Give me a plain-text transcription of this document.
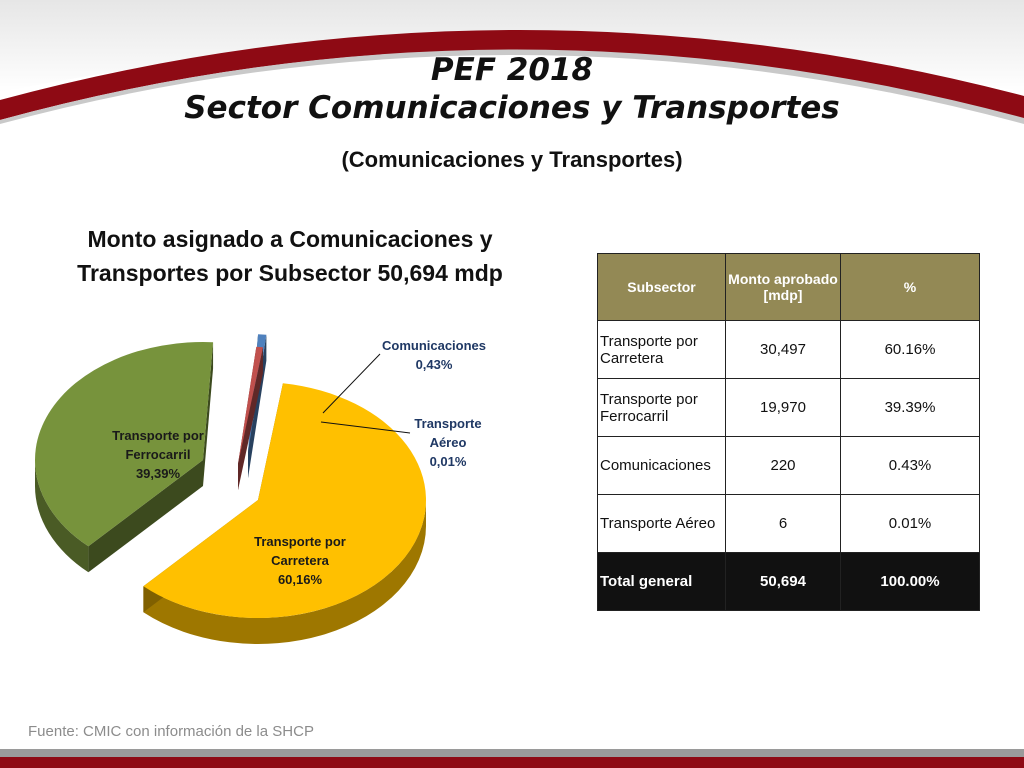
PEF 2018
Sector Comunicaciones y Transportes
(Comunicaciones y Transportes)
Monto asignado a Comunicaciones y Transportes por Subsector 50,694 mdp
Transporte por Carretera 60,16%
Transporte por Ferrocarril 39,39%
Comunicaciones 0,43%
Transporte Aéreo 0,01%
Subsector	Monto aprobado [mdp]	%
Transporte por Carretera	30,497	60.16%
Transporte por Ferrocarril	19,970	39.39%
Comunicaciones	220	0.43%
Transporte Aéreo	6	0.01%
Total general	50,694	100.00%
Fuente: CMIC con información de la SHCP
